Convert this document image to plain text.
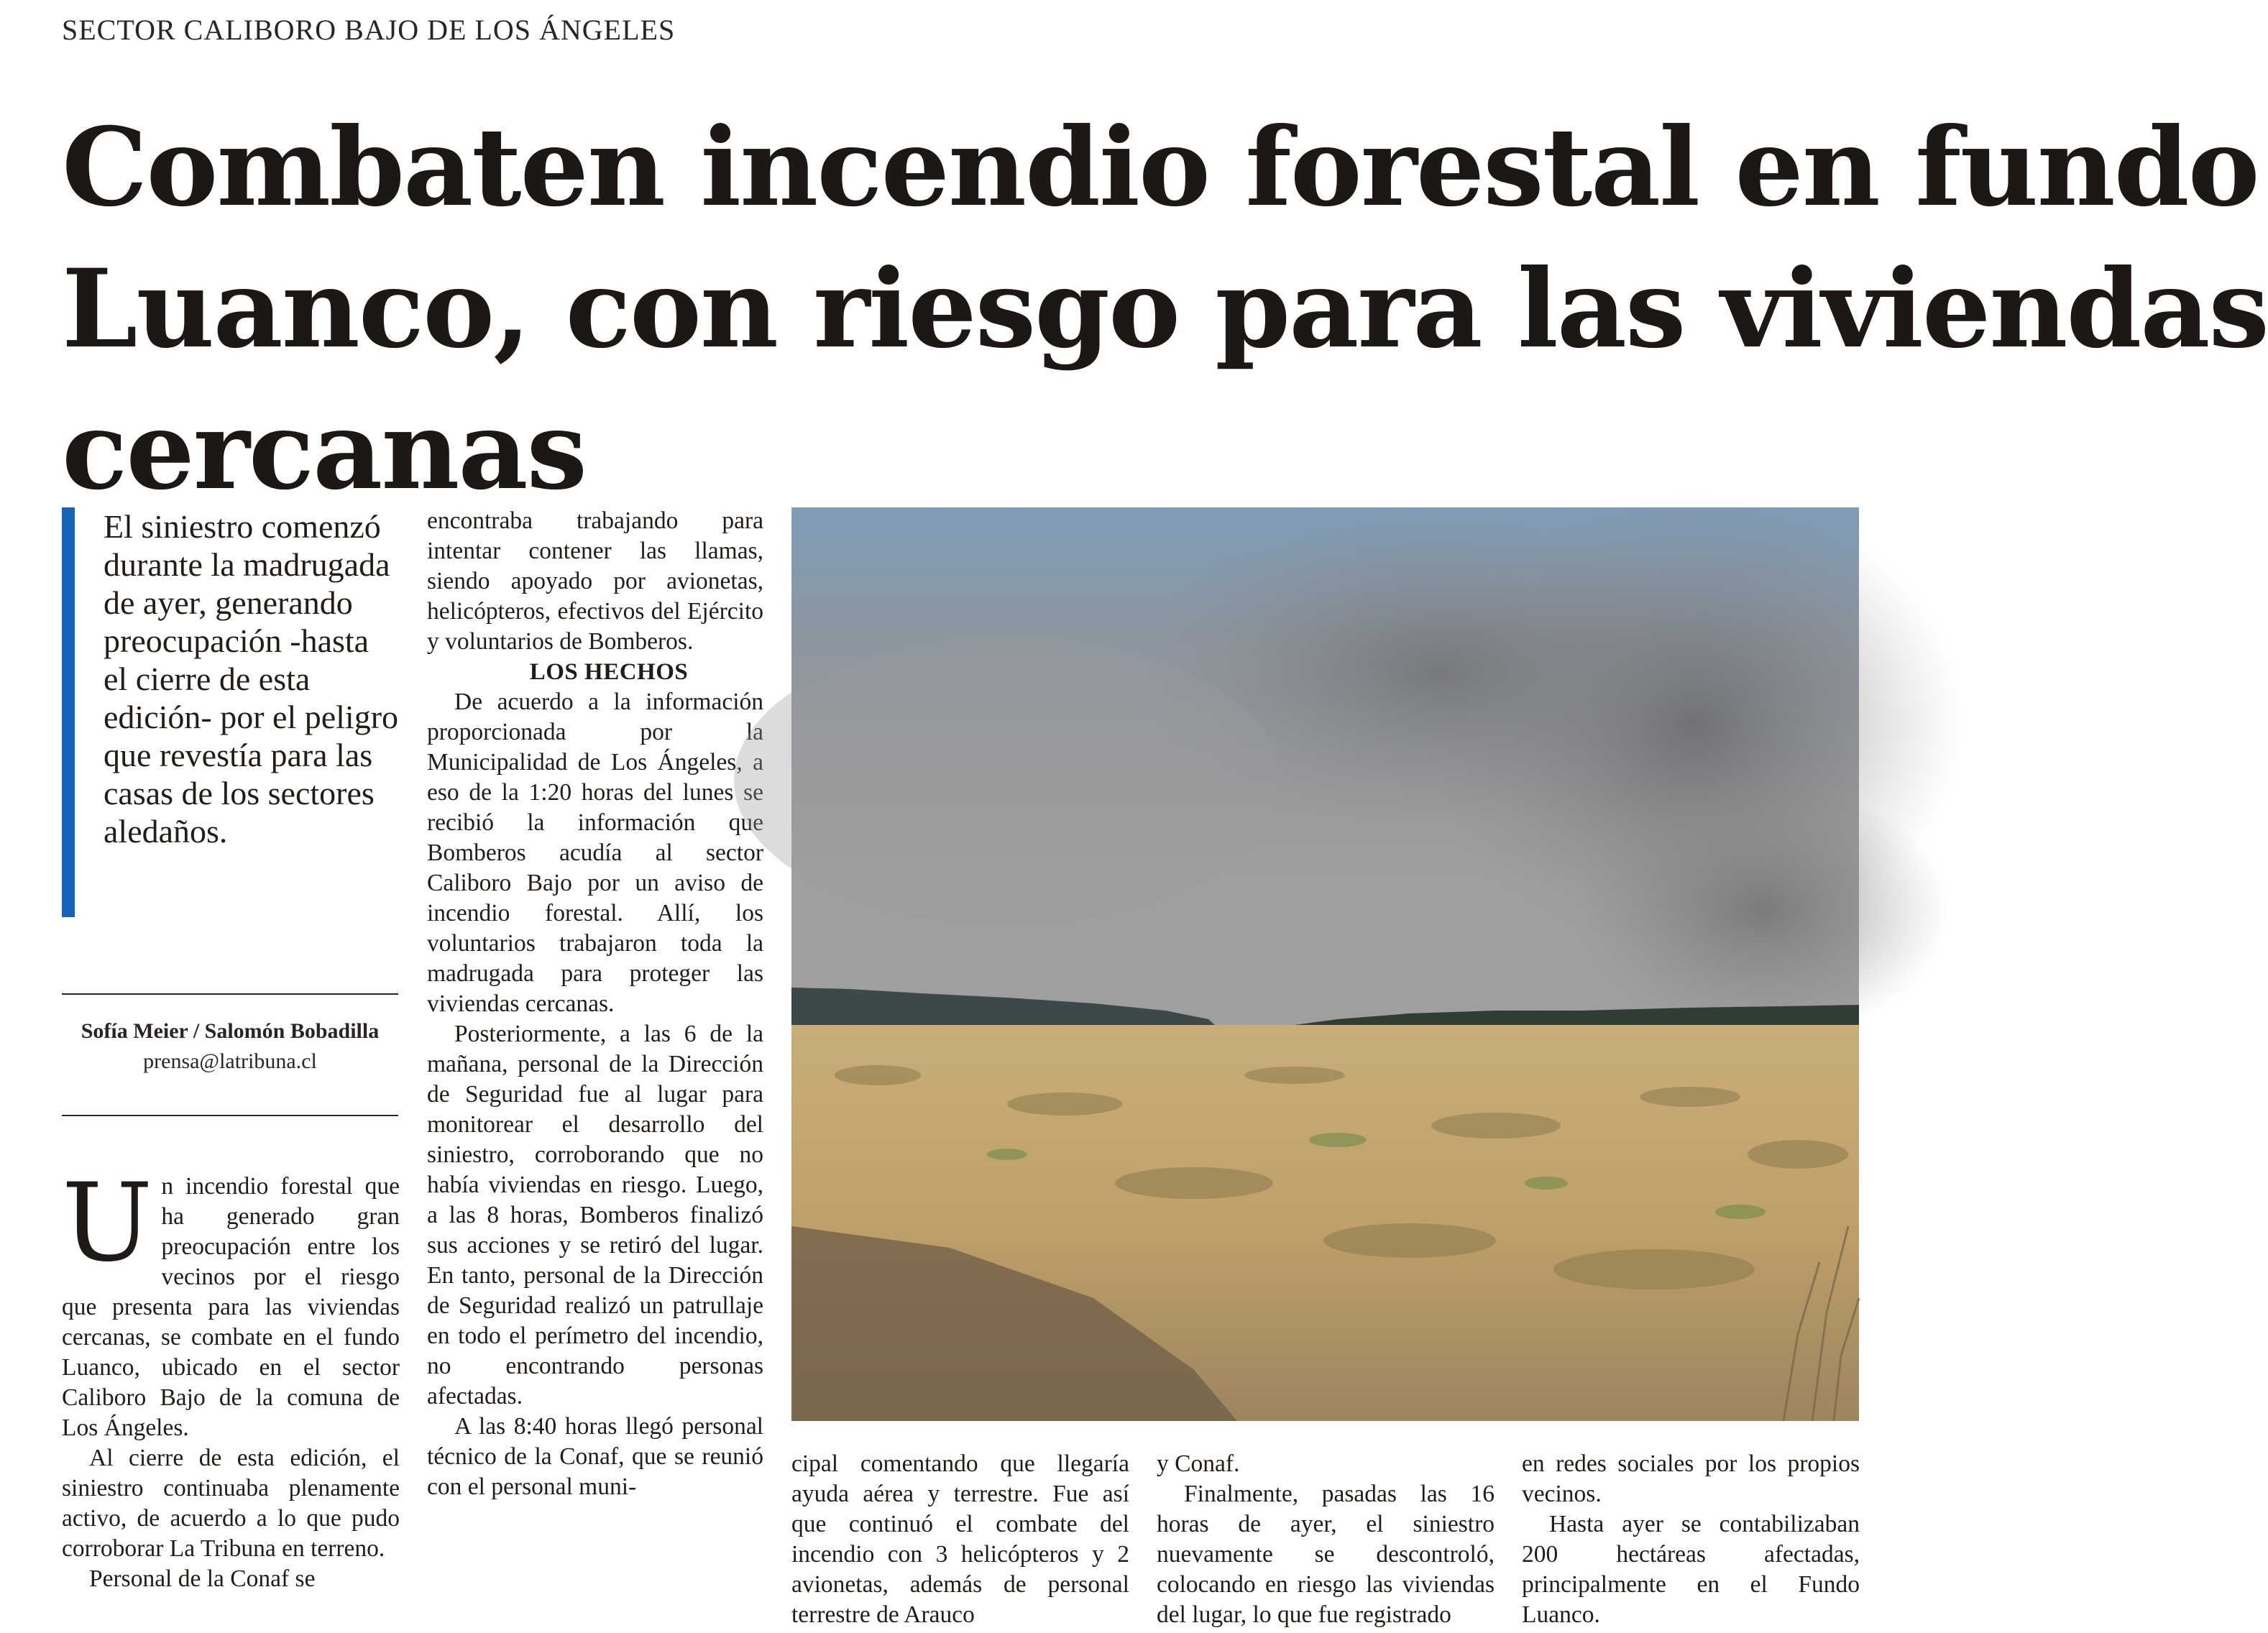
SECTOR CALIBORO BAJO DE LOS ÁNGELES
Combaten incendio forestal en fundo
Luanco, con riesgo para las viviendas
cercanas

El siniestro comenzó durante la madrugada de ayer, generando preocupación -hasta el cierre de esta edición- por el peligro que revestía para las casas de los sectores aledaños.

Sofía Meier / Salomón Bobadilla
prensa@latribuna.cl

Un incendio forestal que ha generado gran preocupación entre los vecinos por el riesgo que presenta para las viviendas cercanas, se combate en el fundo Luanco, ubicado en el sector Caliboro Bajo de la comuna de Los Ángeles.

Al cierre de esta edición, el siniestro continuaba plenamente activo, de acuerdo a lo que pudo corroborar La Tribuna en terreno.

Personal de la Conaf se

encontraba trabajando para intentar contener las llamas, siendo apoyado por avionetas, helicópteros, efectivos del Ejército y voluntarios de Bomberos.

LOS HECHOS

De acuerdo a la información proporcionada por la Municipalidad de Los Ángeles, a eso de la 1:20 horas del lunes se recibió la información que Bomberos acudía al sector Caliboro Bajo por un aviso de incendio forestal. Allí, los voluntarios trabajaron toda la madrugada para proteger las viviendas cercanas.

Posteriormente, a las 6 de la mañana, personal de la Dirección de Seguridad fue al lugar para monitorear el desarrollo del siniestro, corroborando que no había viviendas en riesgo. Luego, a las 8 horas, Bomberos finalizó sus acciones y se retiró del lugar. En tanto, personal de la Dirección de Seguridad realizó un patrullaje en todo el perímetro del incendio, no encontrando personas afectadas.

A las 8:40 horas llegó personal técnico de la Conaf, que se reunió con el personal muni-

cipal comentando que llegaría ayuda aérea y terrestre. Fue así que continuó el combate del incendio con 3 helicópteros y 2 avionetas, además de personal terrestre de Arauco

y Conaf.

Finalmente, pasadas las 16 horas de ayer, el siniestro nuevamente se descontroló, colocando en riesgo las viviendas del lugar, lo que fue registrado

en redes sociales por los propios vecinos.

Hasta ayer se contabilizaban 200 hectáreas afectadas, principalmente en el Fundo Luanco.
